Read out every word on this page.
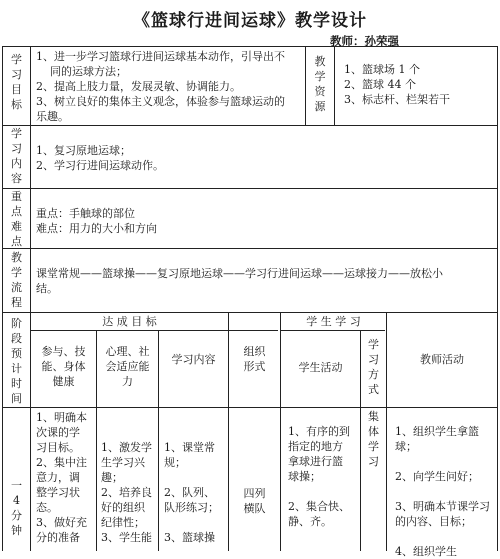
《篮球行进间运球》教学设计
教师：孙荣强
学
习
目
标
1、进一步学习篮球行进间运球基本动作，引导出不
同的运球方法；
2、提高上肢力量，发展灵敏、协调能力。
3、树立良好的集体主义观念，体验参与篮球运动的
乐趣。
教
学
资
源
1、篮球场 1 个
2、篮球 44 个
3、标志杆、栏架若干
学
习
内
容
1、复习原地运球；
2、学习行进间运球动作。
重
点
难
点
重点：手触球的部位
难点：用力的大小和方向
教
学
流
程
课堂常规——篮球操——复习原地运球——学习行进间运球——运球接力——放松小
结。
阶
段
预
计
时
间
达 成 目 标	学 生 学 习
参与、技
能、身体
健康
心理、社
会适应能
力
学习内容
组织
形式	学生活动
学
习
方
式
教师活动
一
4
分
钟
1、明确本
次课的学
习目标。
2、集中注
意力，调
整学习状
态。
3、做好充
分的准备
1、激发学
生学习兴
趣；
2、培养良
好的组织
纪律性；
3、学生能
1、课堂常
规；
2、队列、
队形练习；
3、篮球操
四列
横队
1、有序的到
指定的地方
拿球进行篮
球操；
2、集合快、
静、齐。
集
体
学
习
1、组织学生拿篮
球；
2、向学生问好；
3、明确本节课学习
的内容、目标；
4、组织学生
